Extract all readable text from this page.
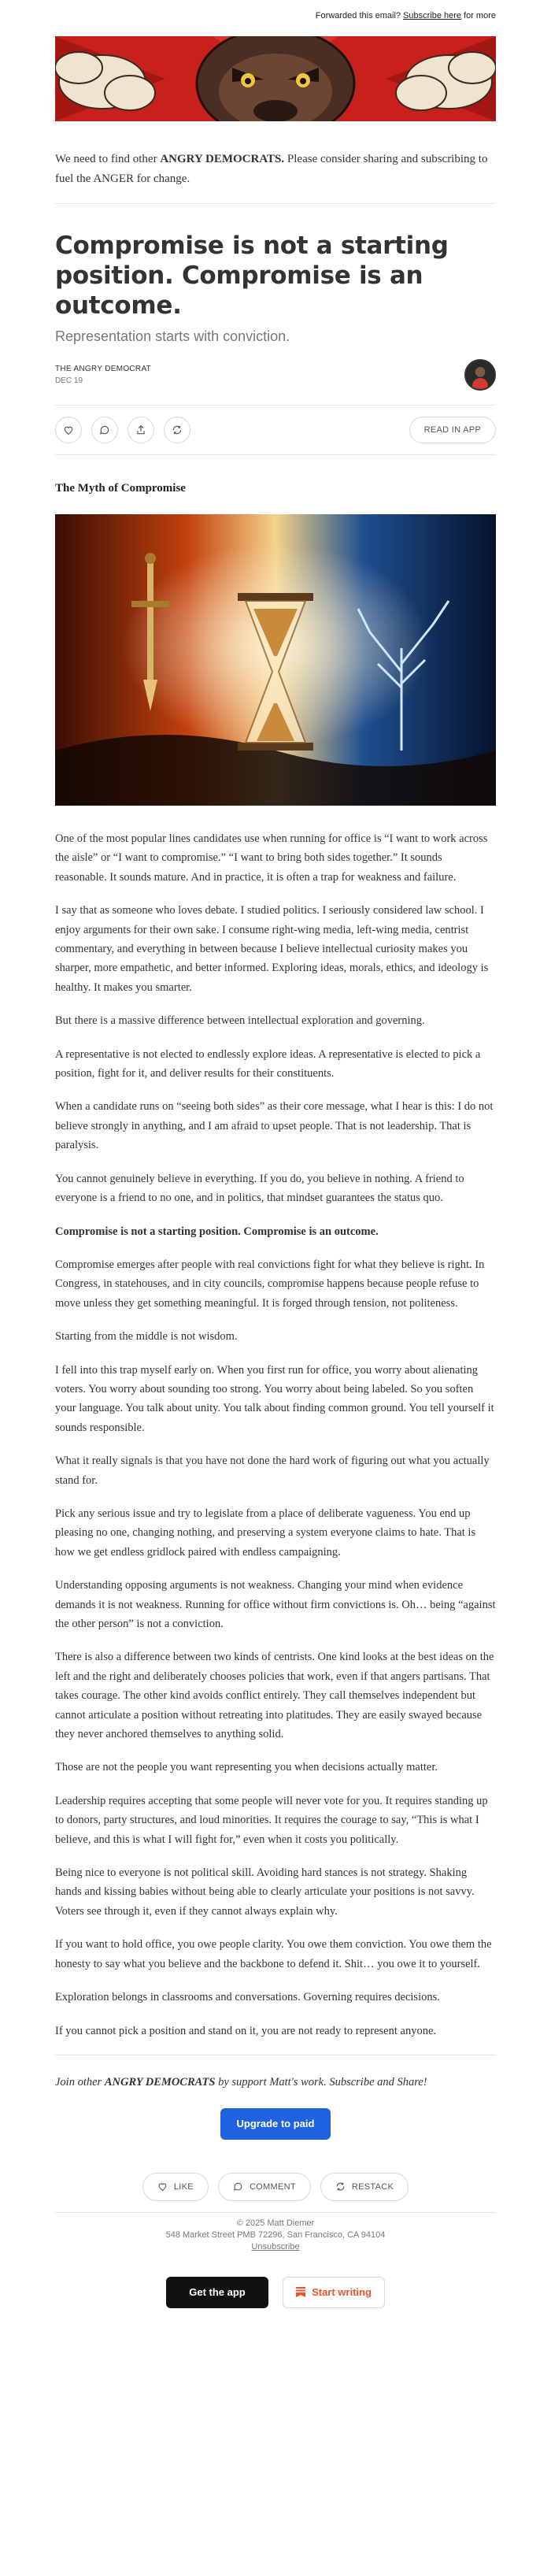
Forwarded this email? Subscribe here for more
We need to find other ANGRY DEMOCRATS. Please consider sharing and subscribing to fuel the ANGER for change.
Compromise is not a starting position. Compromise is an outcome.
Representation starts with conviction.
THE ANGRY DEMOCRAT
DEC 19
READ IN APP
The Myth of Compromise

One of the most popular lines candidates use when running for office is “I want to work across the aisle” or “I want to compromise.” “I want to bring both sides together.” It sounds reasonable. It sounds mature. And in practice, it is often a trap for weakness and failure.

I say that as someone who loves debate. I studied politics. I seriously considered law school. I enjoy arguments for their own sake. I consume right-wing media, left-wing media, centrist commentary, and everything in between because I believe intellectual curiosity makes you sharper, more empathetic, and better informed. Exploring ideas, morals, ethics, and ideology is healthy. It makes you smarter.

But there is a massive difference between intellectual exploration and governing.

A representative is not elected to endlessly explore ideas. A representative is elected to pick a position, fight for it, and deliver results for their constituents.

When a candidate runs on “seeing both sides” as their core message, what I hear is this: I do not believe strongly in anything, and I am afraid to upset people. That is not leadership. That is paralysis.

You cannot genuinely believe in everything. If you do, you believe in nothing. A friend to everyone is a friend to no one, and in politics, that mindset guarantees the status quo.

Compromise is not a starting position. Compromise is an outcome.

Compromise emerges after people with real convictions fight for what they believe is right. In Congress, in statehouses, and in city councils, compromise happens because people refuse to move unless they get something meaningful. It is forged through tension, not politeness.

Starting from the middle is not wisdom.

I fell into this trap myself early on. When you first run for office, you worry about alienating voters. You worry about sounding too strong. You worry about being labeled. So you soften your language. You talk about unity. You talk about finding common ground. You tell yourself it sounds responsible.

What it really signals is that you have not done the hard work of figuring out what you actually stand for.

Pick any serious issue and try to legislate from a place of deliberate vagueness. You end up pleasing no one, changing nothing, and preserving a system everyone claims to hate. That is how we get endless gridlock paired with endless campaigning.

Understanding opposing arguments is not weakness. Changing your mind when evidence demands it is not weakness. Running for office without firm convictions is. Oh… being “against the other person” is not a conviction.

There is also a difference between two kinds of centrists. One kind looks at the best ideas on the left and the right and deliberately chooses policies that work, even if that angers partisans. That takes courage. The other kind avoids conflict entirely. They call themselves independent but cannot articulate a position without retreating into platitudes. They are easily swayed because they never anchored themselves to anything solid.

Those are not the people you want representing you when decisions actually matter.

Leadership requires accepting that some people will never vote for you. It requires standing up to donors, party structures, and loud minorities. It requires the courage to say, “This is what I believe, and this is what I will fight for,” even when it costs you politically.

Being nice to everyone is not political skill. Avoiding hard stances is not strategy. Shaking hands and kissing babies without being able to clearly articulate your positions is not savvy. Voters see through it, even if they cannot always explain why.

If you want to hold office, you owe people clarity. You owe them conviction. You owe them the honesty to say what you believe and the backbone to defend it. Shit… you owe it to yourself.

Exploration belongs in classrooms and conversations. Governing requires decisions.

If you cannot pick a position and stand on it, you are not ready to represent anyone.

Join other ANGRY DEMOCRATS by support Matt's work. Subscribe and Share!
Upgrade to paid
LIKE	COMMENT	RESTACK
© 2025 Matt Diemer
548 Market Street PMB 72296, San Francisco, CA 94104
Unsubscribe
Get the app	Start writing
